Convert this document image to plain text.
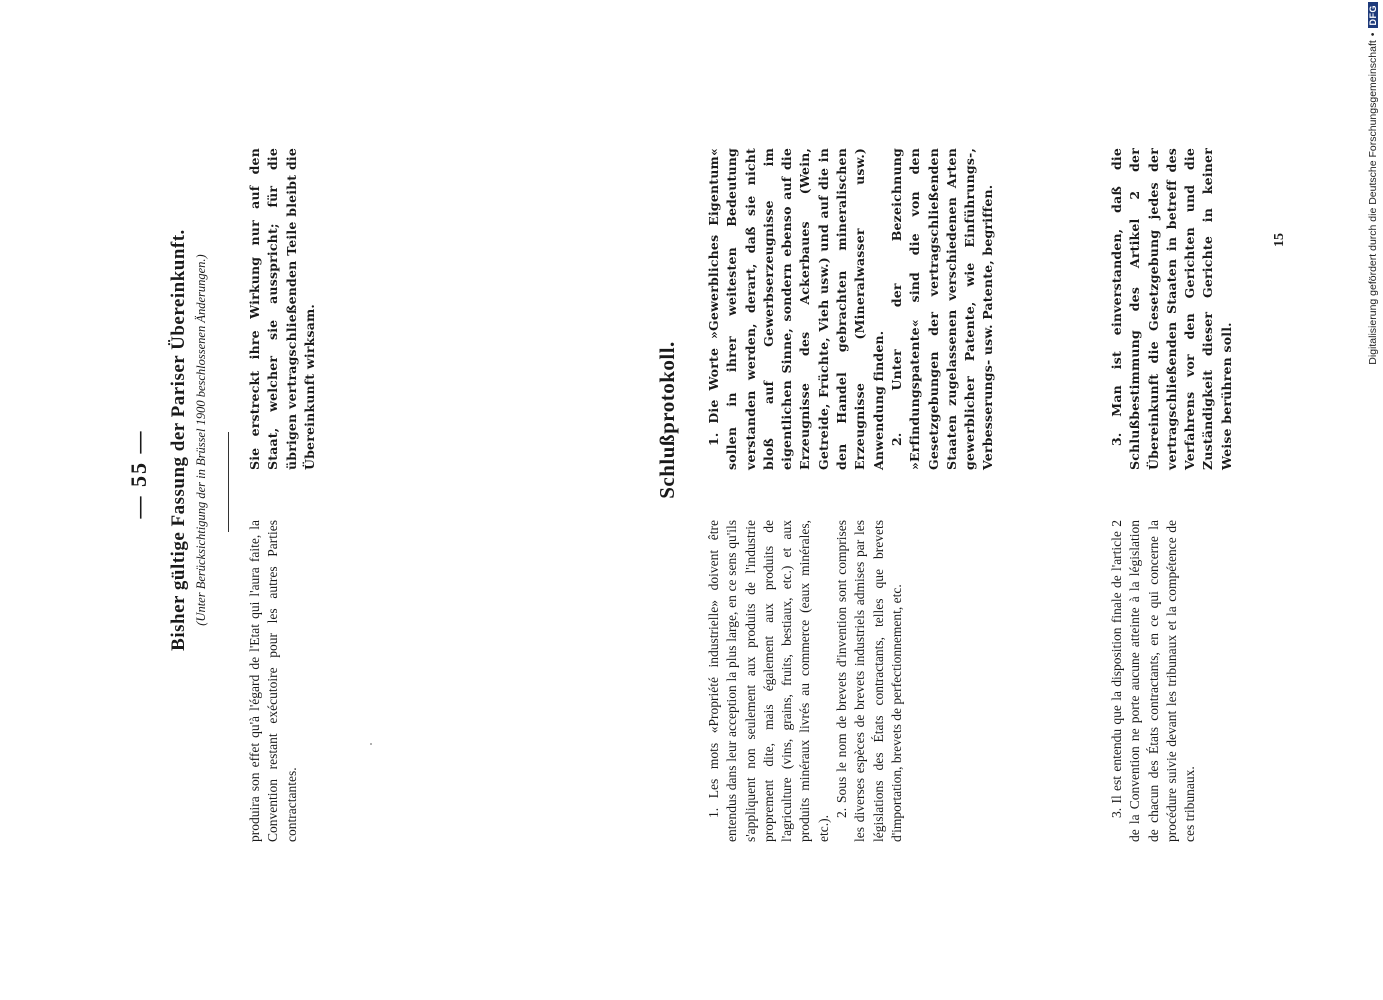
— 55 — Bisher gültige Fassung der Pariser Übereinkunft. (Unter Berücksichtigung der in Brüssel 1900 beschlossenen Änderungen.)

produira son effet qu'à l'égard de l'Etat qui l'aura faite, la Convention restant exécutoire pour les autres Parties contractantes.

Sie erstreckt ihre Wirkung nur auf den Staat, welcher sie ausspricht; für die übrigen vertragschließenden Teile bleibt die Übereinkunft wirksam.	Schlußprotokoll.

1. Les mots «Propriété industrielle» doivent être entendus dans leur acception la plus large, en ce sens qu'ils s'appliquent non seulement aux produits de l'industrie proprement dite, mais également aux produits de l'agriculture (vins, grains, fruits, bestiaux, etc.) et aux produits minéraux livrés au commerce (eaux minérales, etc.).

2. Sous le nom de brevets d'invention sont comprises les diverses espèces de brevets industriels admises par les législations des États contractants, telles que brevets d'importation, brevets de perfectionnement, etc.

1. Die Worte »Gewerbliches Eigentum« sollen in ihrer weitesten Bedeutung verstanden werden, derart, daß sie nicht bloß auf Gewerbserzeugnisse im eigentlichen Sinne, sondern ebenso auf die Erzeugnisse des Ackerbaues (Wein, Getreide, Früchte, Vieh usw.) und auf die in den Handel gebrachten mineralischen Erzeugnisse (Mineralwasser usw.) Anwendung finden. 2. Unter der Bezeichnung »Erfindungspatente« sind die von den Gesetzgebungen der vertragschließenden Staaten zugelassenen verschiedenen Arten gewerblicher Patente, wie Einführungs-, Verbesserungs- usw. Patente, begriffen.

3. Il est entendu que la disposition finale de l'article 2 de la Convention ne porte aucune atteinte à la législation de chacun des États contractants, en ce qui concerne la procédure suivie devant les tribunaux et la compétence de ces tribunaux.

3. Man ist einverstanden, daß die Schlußbestimmung des Artikel 2 der Übereinkunft die Gesetzgebung jedes der vertragschließenden Staaten in betreff des Verfahrens vor den Gerichten und die Zuständigkeit dieser Gerichte in keiner Weise berühren soll.

15	Digitalisierung gefördert durch die Deutsche Forschungsgemeinschaft
•
DFG
